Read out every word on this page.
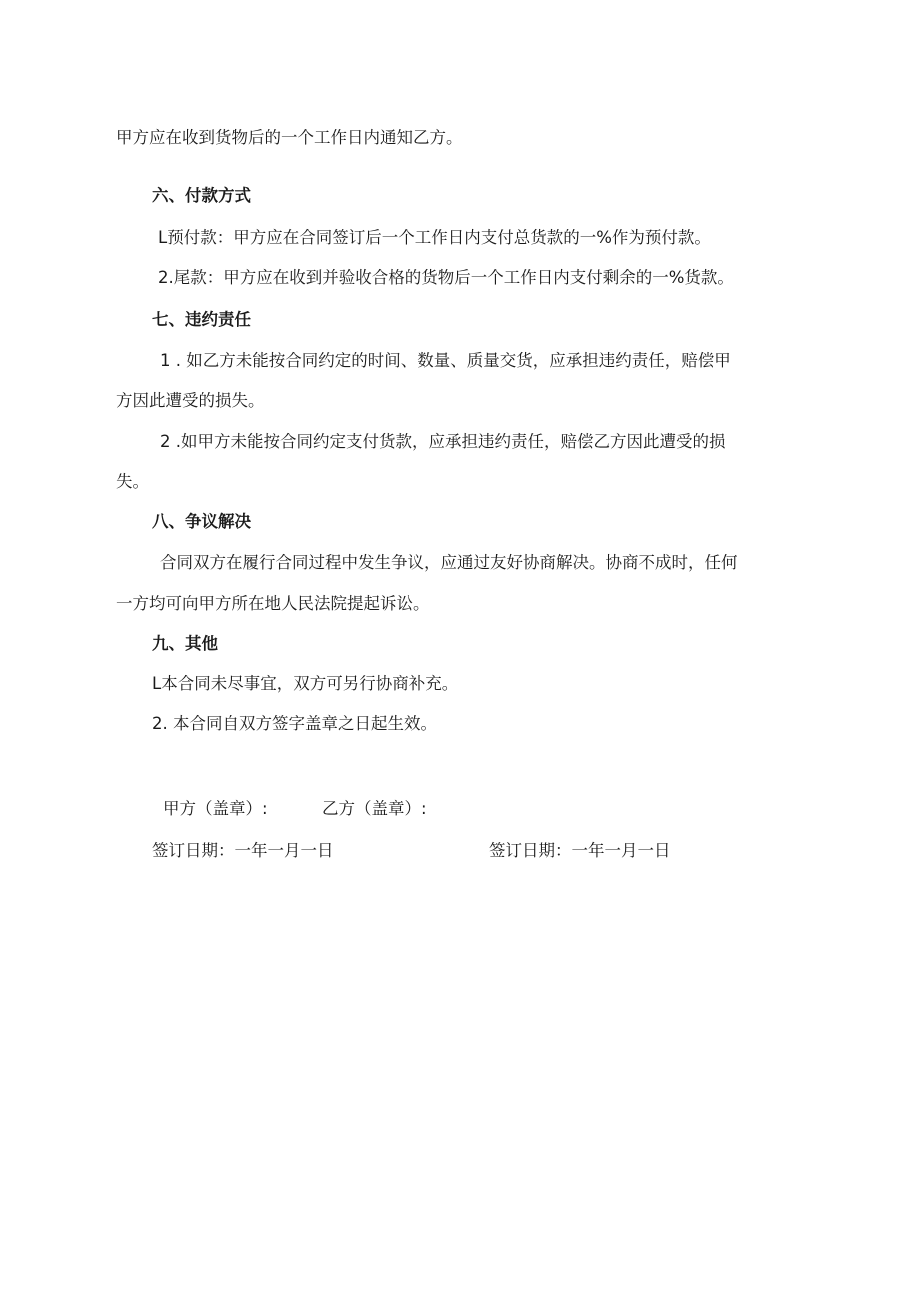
甲方应在收到货物后的一个工作日内通知乙方。
六、付款方式
L预付款：甲方应在合同签订后一个工作日内支付总货款的一%作为预付款。
2.尾款：甲方应在收到并验收合格的货物后一个工作日内支付剩余的一%货款。
七、违约责任
1 . 如乙方未能按合同约定的时间、数量、质量交货，应承担违约责任，赔偿甲
方因此遭受的损失。
2 .如甲方未能按合同约定支付货款，应承担违约责任，赔偿乙方因此遭受的损
失。
八、争议解决
合同双方在履行合同过程中发生争议，应通过友好协商解决。协商不成时，任何
一方均可向甲方所在地人民法院提起诉讼。
九、其他
L本合同未尽事宜，双方可另行协商补充。
2. 本合同自双方签字盖章之日起生效。
甲方（盖章）:	乙方（盖章）:
签订日期：一年一月一日	签订日期：一年一月一日
